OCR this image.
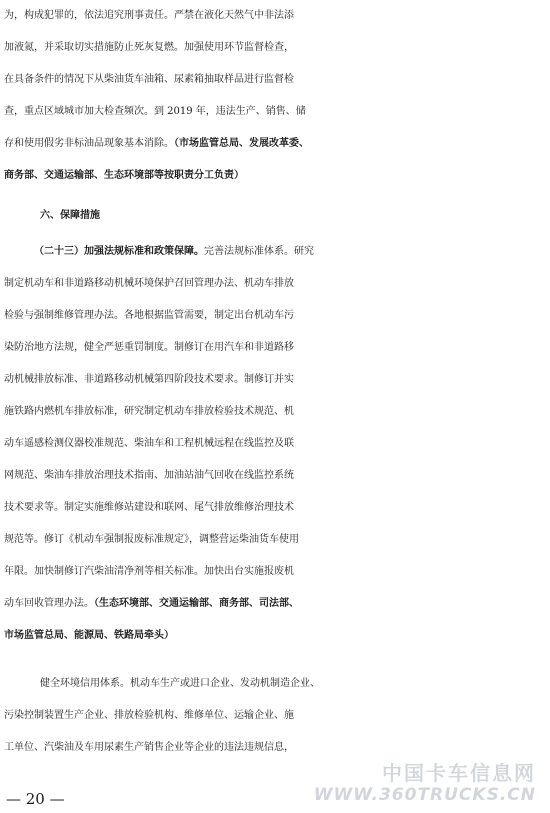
为，构成犯罪的，依法追究刑事责任。严禁在液化天然气中非法添
加液氮，并采取切实措施防止死灰复燃。加强使用环节监督检查，
在具备条件的情况下从柴油货车油箱、尿素箱抽取样品进行监督检
查，重点区域城市加大检查频次。到 2019 年，违法生产、销售、储
存和使用假劣非标油品现象基本消除。（市场监管总局、发展改革委、
商务部、交通运输部、生态环境部等按职责分工负责）
六、保障措施
（二十三）加强法规标准和政策保障。完善法规标准体系。研究
制定机动车和非道路移动机械环境保护召回管理办法、机动车排放
检验与强制维修管理办法。各地根据监管需要，制定出台机动车污
染防治地方法规，健全严惩重罚制度。制修订在用汽车和非道路移
动机械排放标准、非道路移动机械第四阶段技术要求。制修订并实
施铁路内燃机车排放标准，研究制定机动车排放检验技术规范、机
动车遥感检测仪器校准规范、柴油车和工程机械远程在线监控及联
网规范、柴油车排放治理技术指南、加油站油气回收在线监控系统
技术要求等。制定实施维修站建设和联网、尾气排放维修治理技术
规范等。修订《机动车强制报废标准规定》，调整营运柴油货车使用
年限。加快制修订汽柴油清净剂等相关标准。加快出台实施报废机
动车回收管理办法。（生态环境部、交通运输部、商务部、司法部、
市场监管总局、能源局、铁路局牵头）
健全环境信用体系。机动车生产或进口企业、发动机制造企业、
污染控制装置生产企业、排放检验机构、维修单位、运输企业、施
工单位、汽柴油及车用尿素生产销售企业等企业的违法违规信息，
— 20 —
中国卡车信息网
WWW.360TRUCKS.CN
